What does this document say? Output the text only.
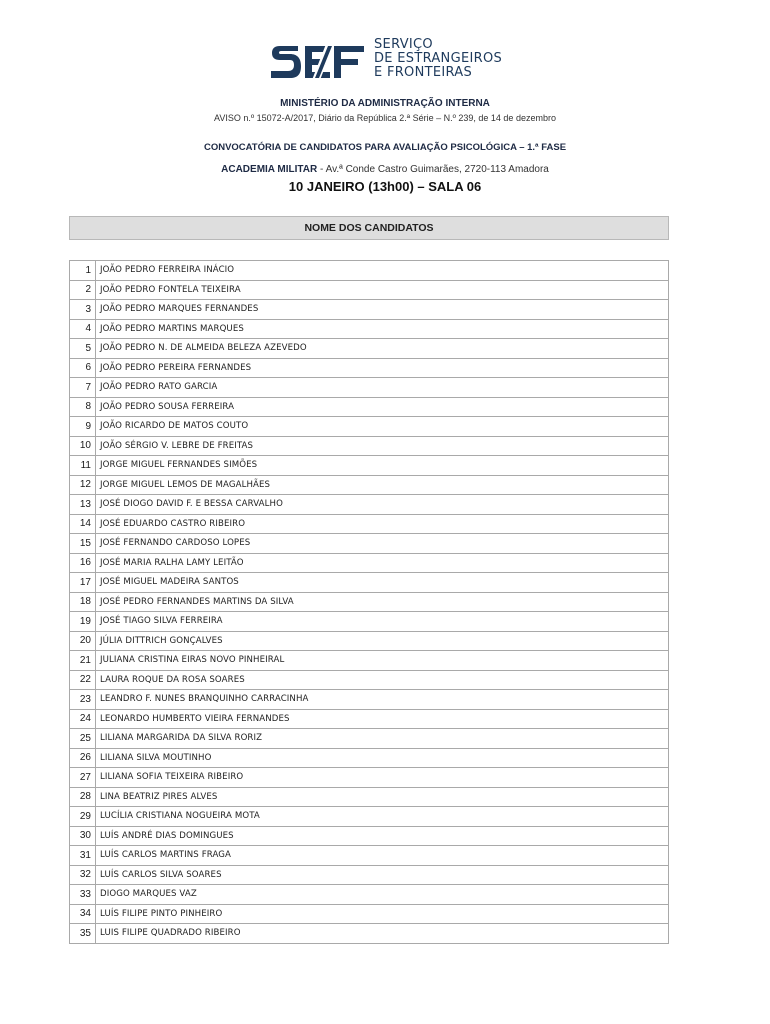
SERVIÇO
DE ESTRANGEIROS
E FRONTEIRAS
MINISTÉRIO DA ADMINISTRAÇÃO INTERNA
AVISO n.º 15072-A/2017, Diário da República 2.ª Série – N.º 239, de 14 de dezembro
CONVOCATÓRIA DE CANDIDATOS PARA AVALIAÇÃO PSICOLÓGICA – 1.ª FASE
ACADEMIA MILITAR - Av.ª Conde Castro Guimarães, 2720-113 Amadora
10 JANEIRO (13h00) – SALA 06
NOME DOS CANDIDATOS
1	JOÃO PEDRO FERREIRA INÁCIO
2	JOÃO PEDRO FONTELA TEIXEIRA
3	JOÃO PEDRO MARQUES FERNANDES
4	JOÃO PEDRO MARTINS MARQUES
5	JOÃO PEDRO N. DE ALMEIDA BELEZA AZEVEDO
6	JOÃO PEDRO PEREIRA FERNANDES
7	JOÃO PEDRO RATO GARCIA
8	JOÃO PEDRO SOUSA FERREIRA
9	JOÃO RICARDO DE MATOS COUTO
10	JOÃO SÉRGIO V. LEBRE DE FREITAS
11	JORGE MIGUEL FERNANDES SIMÕES
12	JORGE MIGUEL LEMOS DE MAGALHÃES
13	JOSÉ DIOGO DAVID F. E BESSA CARVALHO
14	JOSÉ EDUARDO CASTRO RIBEIRO
15	JOSÉ FERNANDO CARDOSO LOPES
16	JOSÉ MARIA RALHA LAMY LEITÃO
17	JOSÉ MIGUEL MADEIRA SANTOS
18	JOSÉ PEDRO FERNANDES MARTINS DA SILVA
19	JOSÉ TIAGO SILVA FERREIRA
20	JÚLIA DITTRICH GONÇALVES
21	JULIANA CRISTINA EIRAS NOVO PINHEIRAL
22	LAURA ROQUE DA ROSA SOARES
23	LEANDRO F. NUNES BRANQUINHO CARRACINHA
24	LEONARDO HUMBERTO VIEIRA FERNANDES
25	LILIANA MARGARIDA DA SILVA RORIZ
26	LILIANA SILVA MOUTINHO
27	LILIANA SOFIA TEIXEIRA RIBEIRO
28	LINA BEATRIZ PIRES ALVES
29	LUCÍLIA CRISTIANA NOGUEIRA MOTA
30	LUÍS ANDRÉ DIAS DOMINGUES
31	LUÍS CARLOS MARTINS FRAGA
32	LUÍS CARLOS SILVA SOARES
33	DIOGO MARQUES VAZ
34	LUÍS FILIPE PINTO PINHEIRO
35	LUIS FILIPE QUADRADO RIBEIRO
